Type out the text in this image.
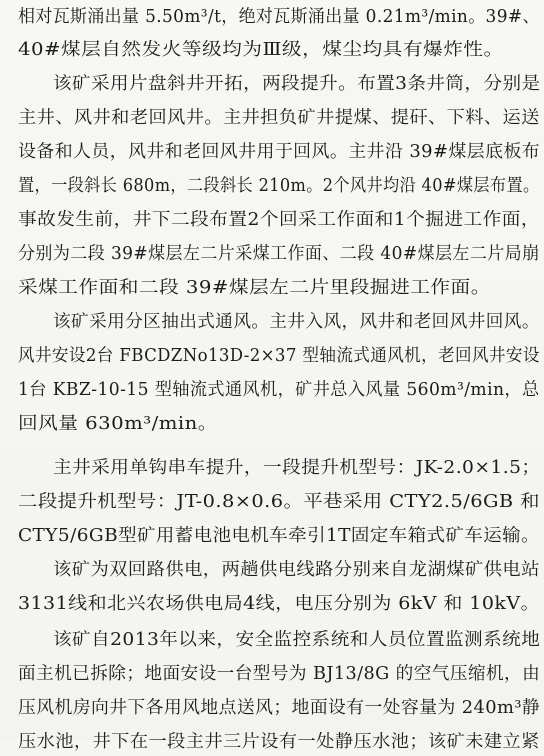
相对瓦斯涌出量 5.50m³/t，绝对瓦斯涌出量 0.21m³/min。39#、
40#煤层自然发火等级均为Ⅲ级，煤尘均具有爆炸性。
该矿采用片盘斜井开拓，两段提升。布置3条井筒，分别是
主井、风井和老回风井。主井担负矿井提煤、提矸、下料、运送
设备和人员，风井和老回风井用于回风。主井沿 39#煤层底板布
置，一段斜长 680m，二段斜长 210m。2个风井均沿 40#煤层布置。
事故发生前，井下二段布置2个回采工作面和1个掘进工作面，
分别为二段 39#煤层左二片采煤工作面、二段 40#煤层左二片局崩
采煤工作面和二段 39#煤层左二片里段掘进工作面。
该矿采用分区抽出式通风。主井入风，风井和老回风井回风。
风井安设2台 FBCDZNo13D-2×37 型轴流式通风机，老回风井安设
1台 KBZ-10-15 型轴流式通风机，矿井总入风量 560m³/min，总
回风量 630m³/min。
主井采用单钩串车提升，一段提升机型号：JK-2.0×1.5；
二段提升机型号：JT-0.8×0.6。平巷采用 CTY2.5/6GB 和
CTY5/6GB型矿用蓄电池电机车牵引1T固定车箱式矿车运输。
该矿为双回路供电，两趟供电线路分别来自龙湖煤矿供电站
3131线和北兴农场供电局4线，电压分别为 6kV 和 10kV。
该矿自2013年以来，安全监控系统和人员位置监测系统地
面主机已拆除；地面安设一台型号为 BJ13/8G 的空气压缩机，由
压风机房向井下各用风地点送风；地面设有一处容量为 240m³静
压水池，井下在一段主井三片设有一处静压水池；该矿未建立紧
